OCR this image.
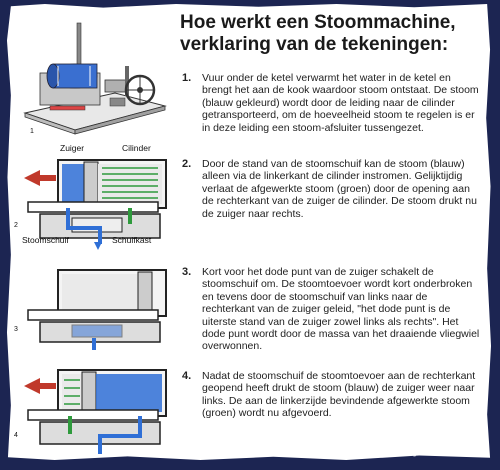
Hoe werkt een Stoommachine,
verklaring van de tekeningen:
1. Vuur onder de ketel verwarmt het water in de ketel en brengt het aan de kook waardoor stoom ontstaat. De stoom (blauw gekleurd) wordt door de leiding naar de cilinder getransporteerd, om de hoeveelheid stoom te regelen is er in deze leiding een stoom-afsluiter tussengezet.
2. Door de stand van de stoomschuif kan de stoom (blauw) alleen via de linkerkant de cilinder instromen. Gelijktijdig verlaat de afgewerkte stoom (groen) door de opening aan de rechterkant van de zuiger de cilinder. De stoom drukt nu de zuiger naar rechts.
3. Kort voor het dode punt van de zuiger schakelt de stoomschuif om. De stoomtoevoer wordt kort onderbroken en tevens door de stoomschuif van links naar de rechterkant van de zuiger geleid, "het dode punt is de uiterste stand van de zuiger zowel links als rechts". Het dode punt wordt door de massa van het draaiende vliegwiel overwonnen.
4. Nadat de stoomschuif de stoomtoevoer aan de rechterkant geopend heeft drukt de stoom (blauw) de zuiger weer naar links. De aan de linkerzijde bevindende afgewerkte stoom (groen) wordt nu afgevoerd.
1
Zuiger	Cilinder
Stoomschuif	Schuifkast
2
3
4
mijnalbum.nl
